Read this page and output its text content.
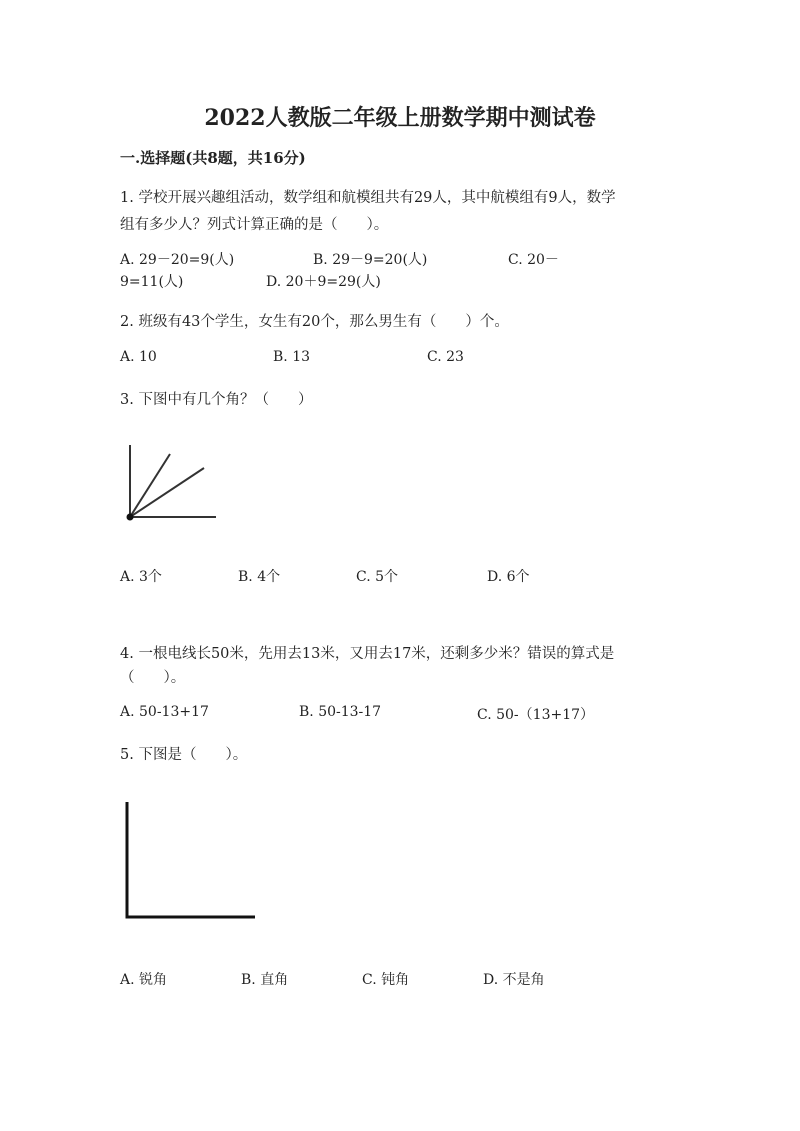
2022人教版二年级上册数学期中测试卷
一.选择题(共8题，共16分)
1. 学校开展兴趣组活动，数学组和航模组共有29人，其中航模组有9人，数学
组有多少人？列式计算正确的是（　　）。
A. 29－20=9(人)	B. 29－9=20(人)	C. 20－
9=11(人)	D. 20＋9=29(人)
2. 班级有43个学生，女生有20个，那么男生有（　　）个。
A. 10	B. 13	C. 23
3. 下图中有几个角？（　　）
A. 3个	B. 4个	C. 5个	D. 6个
4. 一根电线长50米，先用去13米，又用去17米，还剩多少米？错误的算式是
（　　）。
A. 50-13+17	B. 50-13-17	C. 50-（13+17）
5. 下图是（　　）。
A. 锐角	B. 直角	C. 钝角	D. 不是角
